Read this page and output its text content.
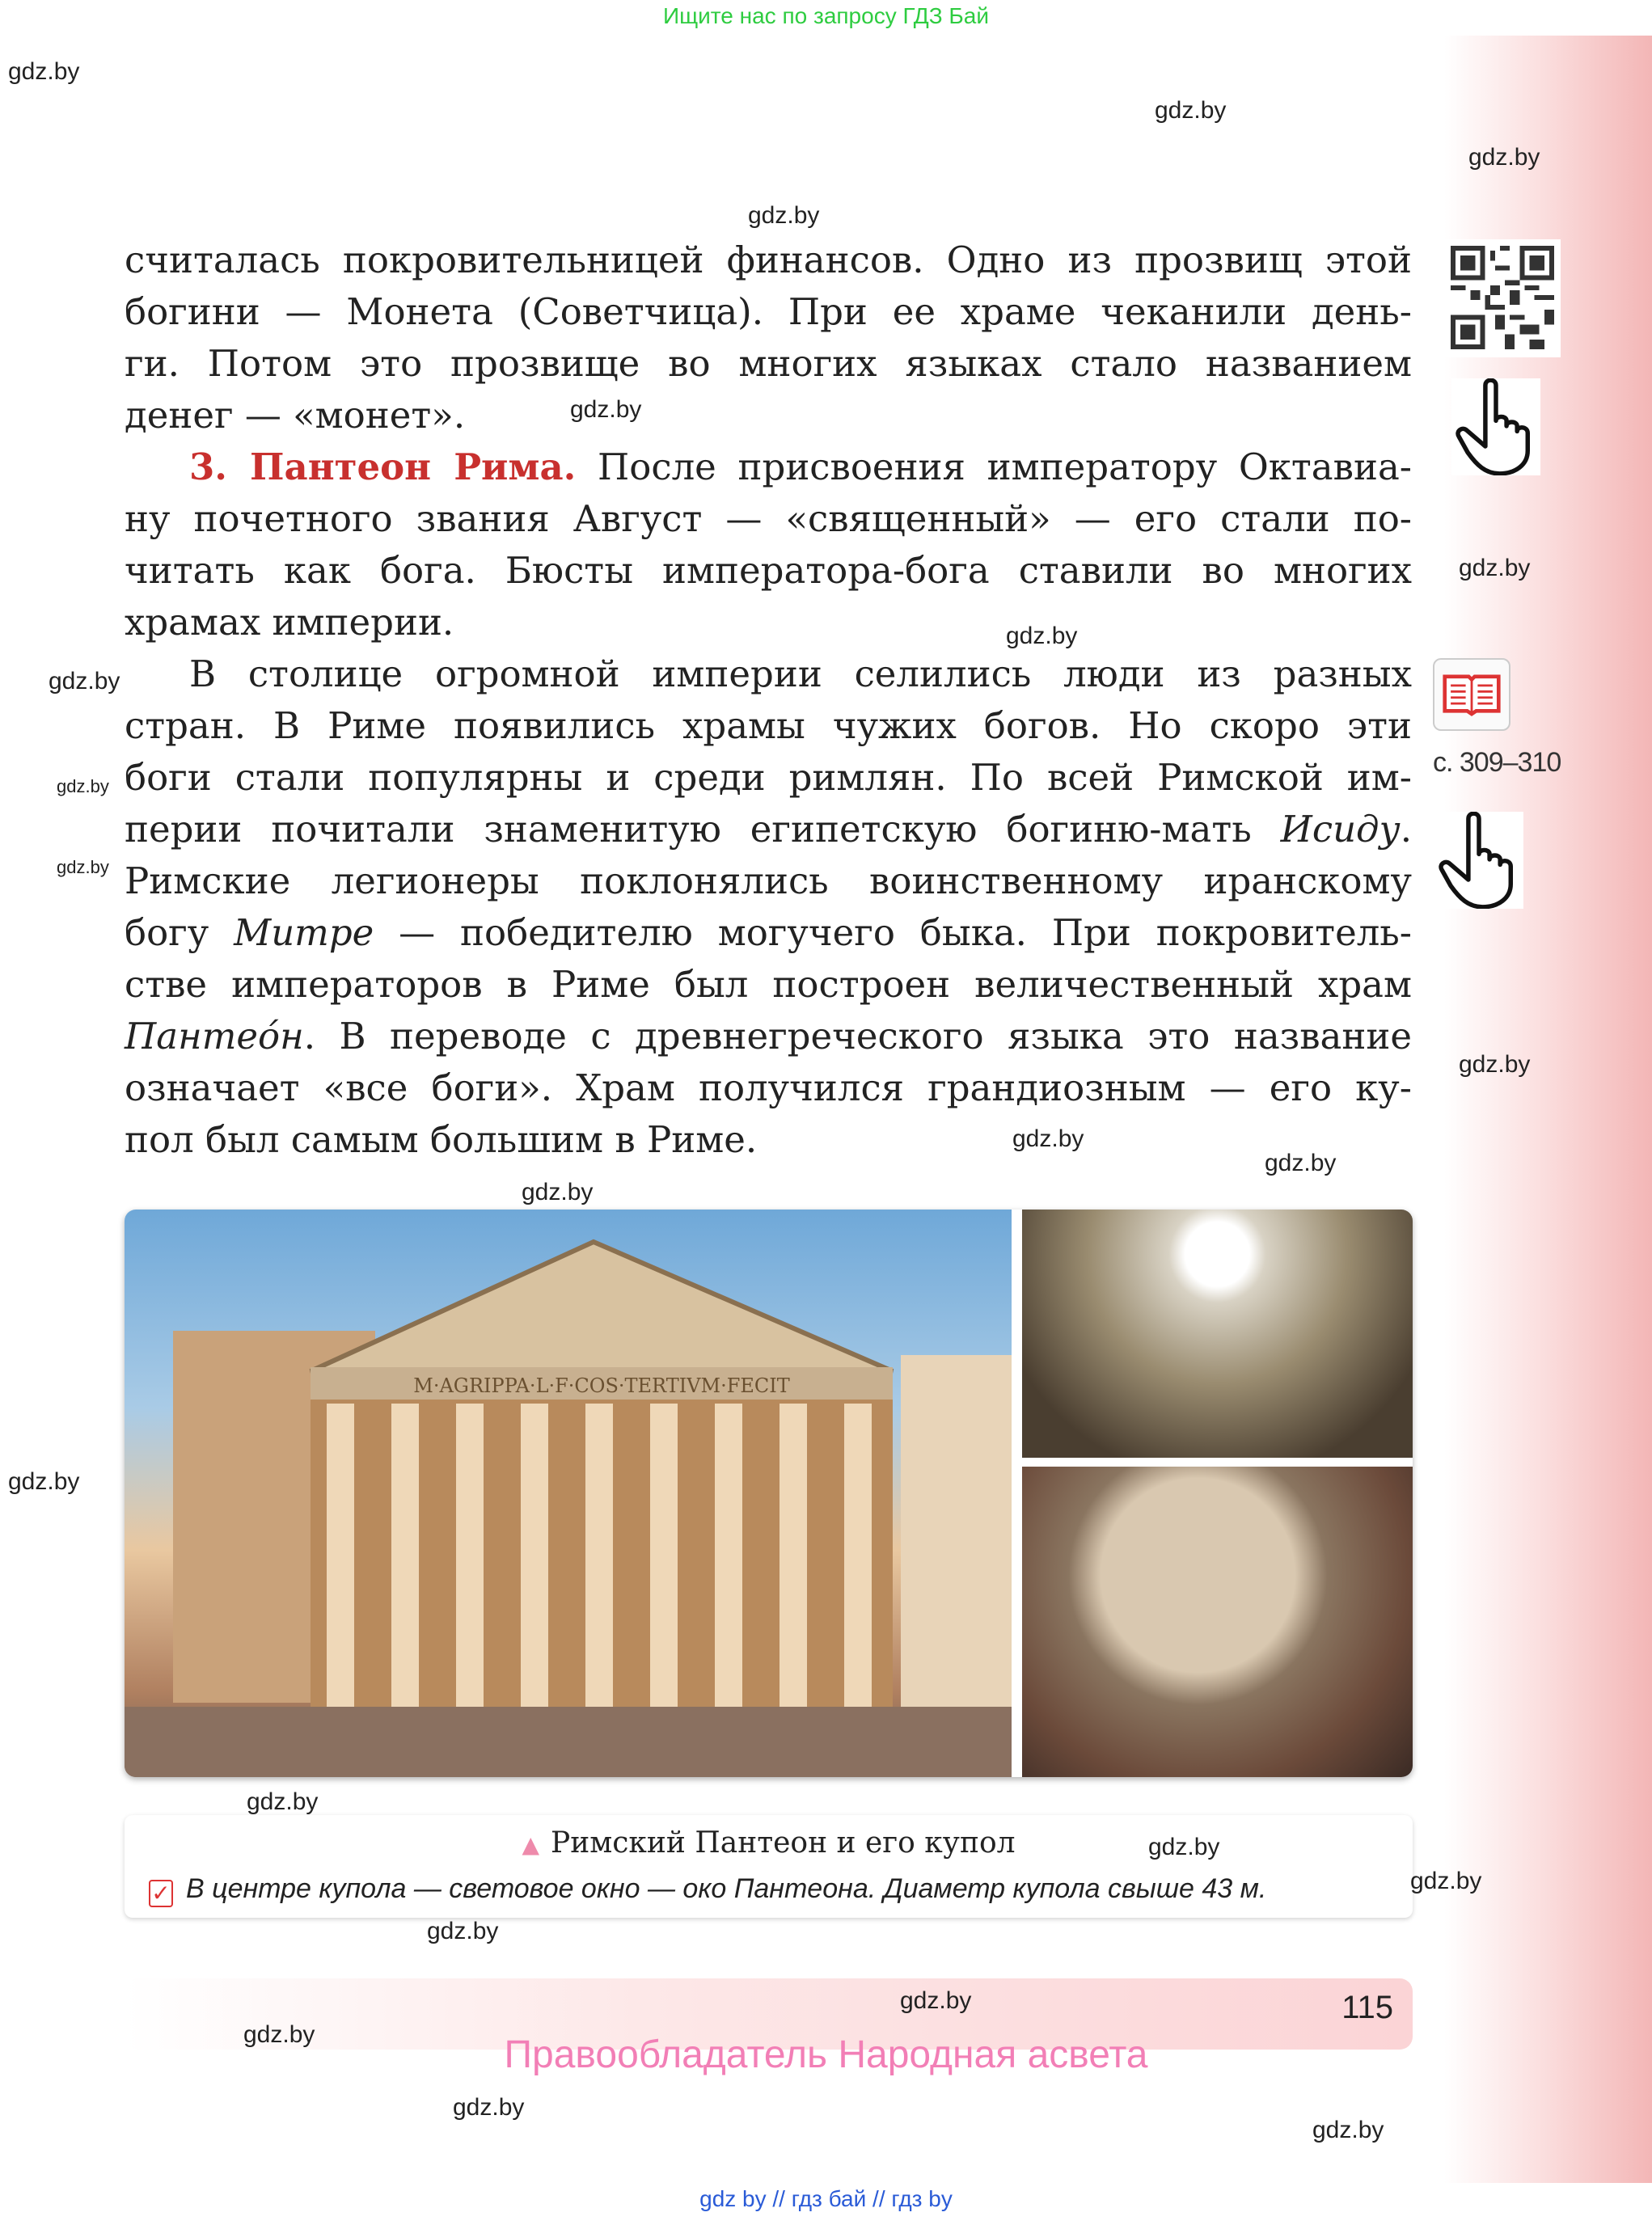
Ищите нас по запросу ГДЗ Бай
с. 309–310
считалась покровительницей финансов. Одно из прозвищ этой
богини — Монета (Советчица). При ее храме чеканили день-
ги. Потом это прозвище во многих языках стало названием
денег — «монет».
3. Пантеон Рима. После присвоения императору Октавиа-
ну почетного звания Август — «священный» — его стали по-
читать как бога. Бюсты императора-бога ставили во многих
храмах империи.
В столице огромной империи селились люди из разных
стран. В Риме появились храмы чужих богов. Но скоро эти
боги стали популярны и среди римлян. По всей Римской им-
перии почитали знаменитую египетскую богиню-мать Исиду.
Римские легионеры поклонялись воинственному иранскому
богу Митре — победителю могучего быка. При покровитель-
стве императоров в Риме был построен величественный храм
Пантеóн. В переводе с древнегреческого языка это название
означает «все боги». Храм получился грандиозным — его ку-
пол был самым большим в Риме.
M·AGRIPPA·L·F·COS·TERTIVM·FECIT
▲ Римский Пантеон и его купол
✓ В центре купола — световое окно — око Пантеона. Диаметр купола свыше 43 м.
115
Правообладатель Народная асвета
gdz by // гдз бай // гдз by
gdz.by
gdz.by
gdz.by
gdz.by
gdz.by
gdz.by
gdz.by
gdz.by
gdz.by
gdz.by
gdz.by
gdz.by
gdz.by
gdz.by
gdz.by
gdz.by
gdz.by
gdz.by
gdz.by
gdz.by
gdz.by
gdz.by
gdz.by
